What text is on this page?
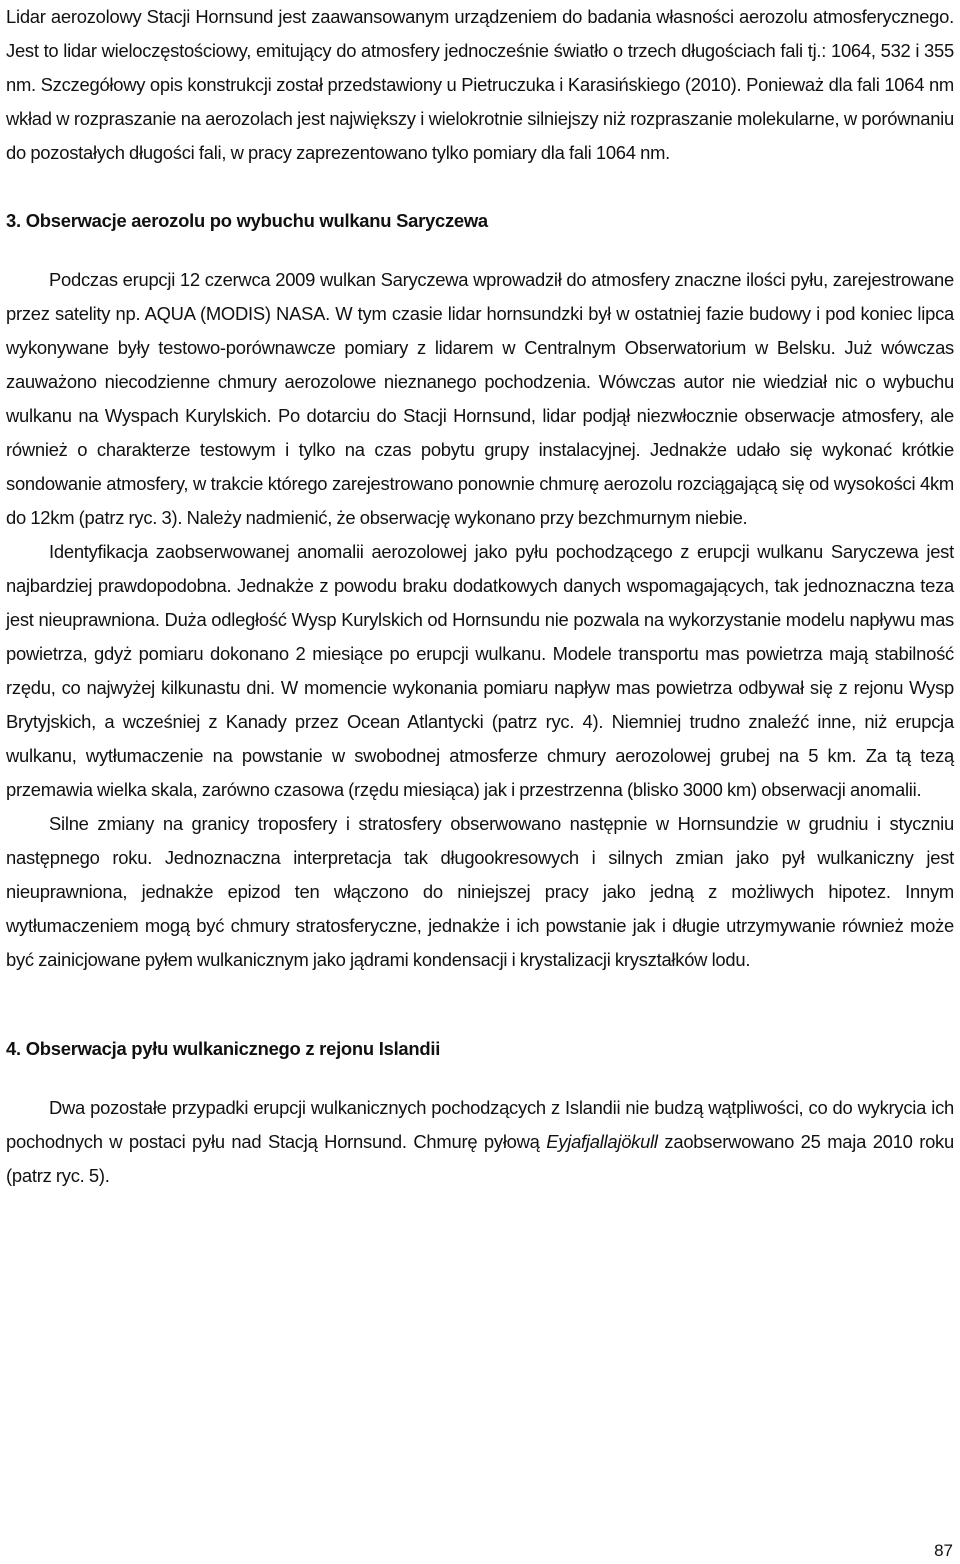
Lidar aerozolowy Stacji Hornsund jest zaawansowanym urządzeniem do badania własności aerozolu atmosferycznego. Jest to lidar wieloczęstościowy, emitujący do atmosfery jednocześnie światło o trzech długościach fali tj.: 1064, 532 i 355 nm. Szczegółowy opis konstrukcji został przedstawiony u Pietruczuka i Karasińskiego (2010). Ponieważ dla fali 1064 nm wkład w rozpraszanie na aerozolach jest największy i wielokrotnie silniejszy niż rozpraszanie molekularne, w porównaniu do pozostałych długości fali, w pracy zaprezentowano tylko pomiary dla fali 1064 nm.

3. Obserwacje aerozolu po wybuchu wulkanu Saryczewa

Podczas erupcji 12 czerwca 2009 wulkan Saryczewa wprowadził do atmosfery znaczne ilości pyłu, zarejestrowane przez satelity np. AQUA (MODIS) NASA. W tym czasie lidar hornsundzki był w ostatniej fazie budowy i pod koniec lipca wykonywane były testowo-porównawcze pomiary z lidarem w Centralnym Obserwatorium w Belsku. Już wówczas zauważono niecodzienne chmury aerozolowe nieznanego pochodzenia. Wówczas autor nie wiedział nic o wybuchu wulkanu na Wyspach Kurylskich. Po dotarciu do Stacji Hornsund, lidar podjął niezwłocznie obserwacje atmosfery, ale również o charakterze testowym i tylko na czas pobytu grupy instalacyjnej. Jednakże udało się wykonać krótkie sondowanie atmosfery, w trakcie którego zarejestrowano ponownie chmurę aerozolu rozciągającą się od wysokości 4km do 12km (patrz ryc. 3). Należy nadmienić, że obserwację wykonano przy bezchmurnym niebie.

Identyfikacja zaobserwowanej anomalii aerozolowej jako pyłu pochodzącego z erupcji wulkanu Saryczewa jest najbardziej prawdopodobna. Jednakże z powodu braku dodatkowych danych wspomagających, tak jednoznaczna teza jest nieuprawniona. Duża odległość Wysp Kurylskich od Hornsundu nie pozwala na wykorzystanie modelu napływu mas powietrza, gdyż pomiaru dokonano 2 miesiące po erupcji wulkanu. Modele transportu mas powietrza mają stabilność rzędu, co najwyżej kilkunastu dni. W momencie wykonania pomiaru napływ mas powietrza odbywał się z rejonu Wysp Brytyjskich, a wcześniej z Kanady przez Ocean Atlantycki (patrz ryc. 4). Niemniej trudno znaleźć inne, niż erupcja wulkanu, wytłumaczenie na powstanie w swobodnej atmosferze chmury aerozolowej grubej na 5 km. Za tą tezą przemawia wielka skala, zarówno czasowa (rzędu miesiąca) jak i przestrzenna (blisko 3000 km) obserwacji anomalii.

Silne zmiany na granicy troposfery i stratosfery obserwowano następnie w Hornsundzie w grudniu i styczniu następnego roku. Jednoznaczna interpretacja tak długookresowych i silnych zmian jako pył wulkaniczny jest nieuprawniona, jednakże epizod ten włączono do niniejszej pracy jako jedną z możliwych hipotez. Innym wytłumaczeniem mogą być chmury stratosferyczne, jednakże i ich powstanie jak i długie utrzymywanie również może być zainicjowane pyłem wulkanicznym jako jądrami kondensacji i krystalizacji kryształków lodu.

4. Obserwacja pyłu wulkanicznego z rejonu Islandii

Dwa pozostałe przypadki erupcji wulkanicznych pochodzących z Islandii nie budzą wątpliwości, co do wykrycia ich pochodnych w postaci pyłu nad Stacją Hornsund. Chmurę pyłową Eyjafjallajökull zaobserwowano 25 maja 2010 roku (patrz ryc. 5).

87
